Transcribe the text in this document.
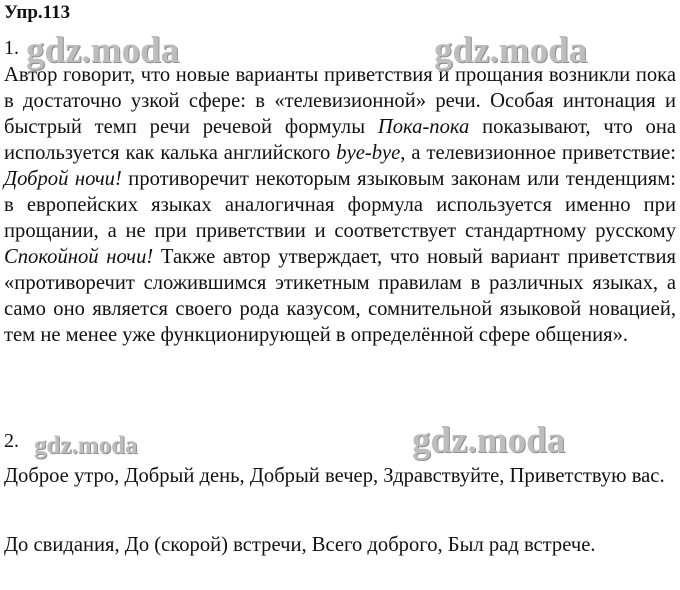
Упр.113
1. gdz.moda	gdz.moda
Автор говорит, что новые варианты приветствия и прощания возникли пока в достаточно узкой сфере: в «телевизионной» речи. Особая интонация и быстрый темп речи речевой формулы Пока-пока показывают, что она используется как калька английского bye-bye, а телевизионное приветствие: Доброй ночи! противоречит некоторым языковым законам или тенденциям: в европейских языках аналогичная формула используется именно при прощании, а не при приветствии и соответствует стандартному русскому Спокойной ночи! Также автор утверждает, что новый вариант приветствия «противоречит сложившимся этикетным правилам в различных языках, а само оно является своего рода казусом, сомнительной языковой новацией, тем не менее уже функционирующей в определённой сфере общения».
2. gdz.moda	gdz.moda
Доброе утро, Добрый день, Добрый вечер, Здравствуйте, Приветствую вас.
До свидания, До (скорой) встречи, Всего доброго, Был рад встрече.
